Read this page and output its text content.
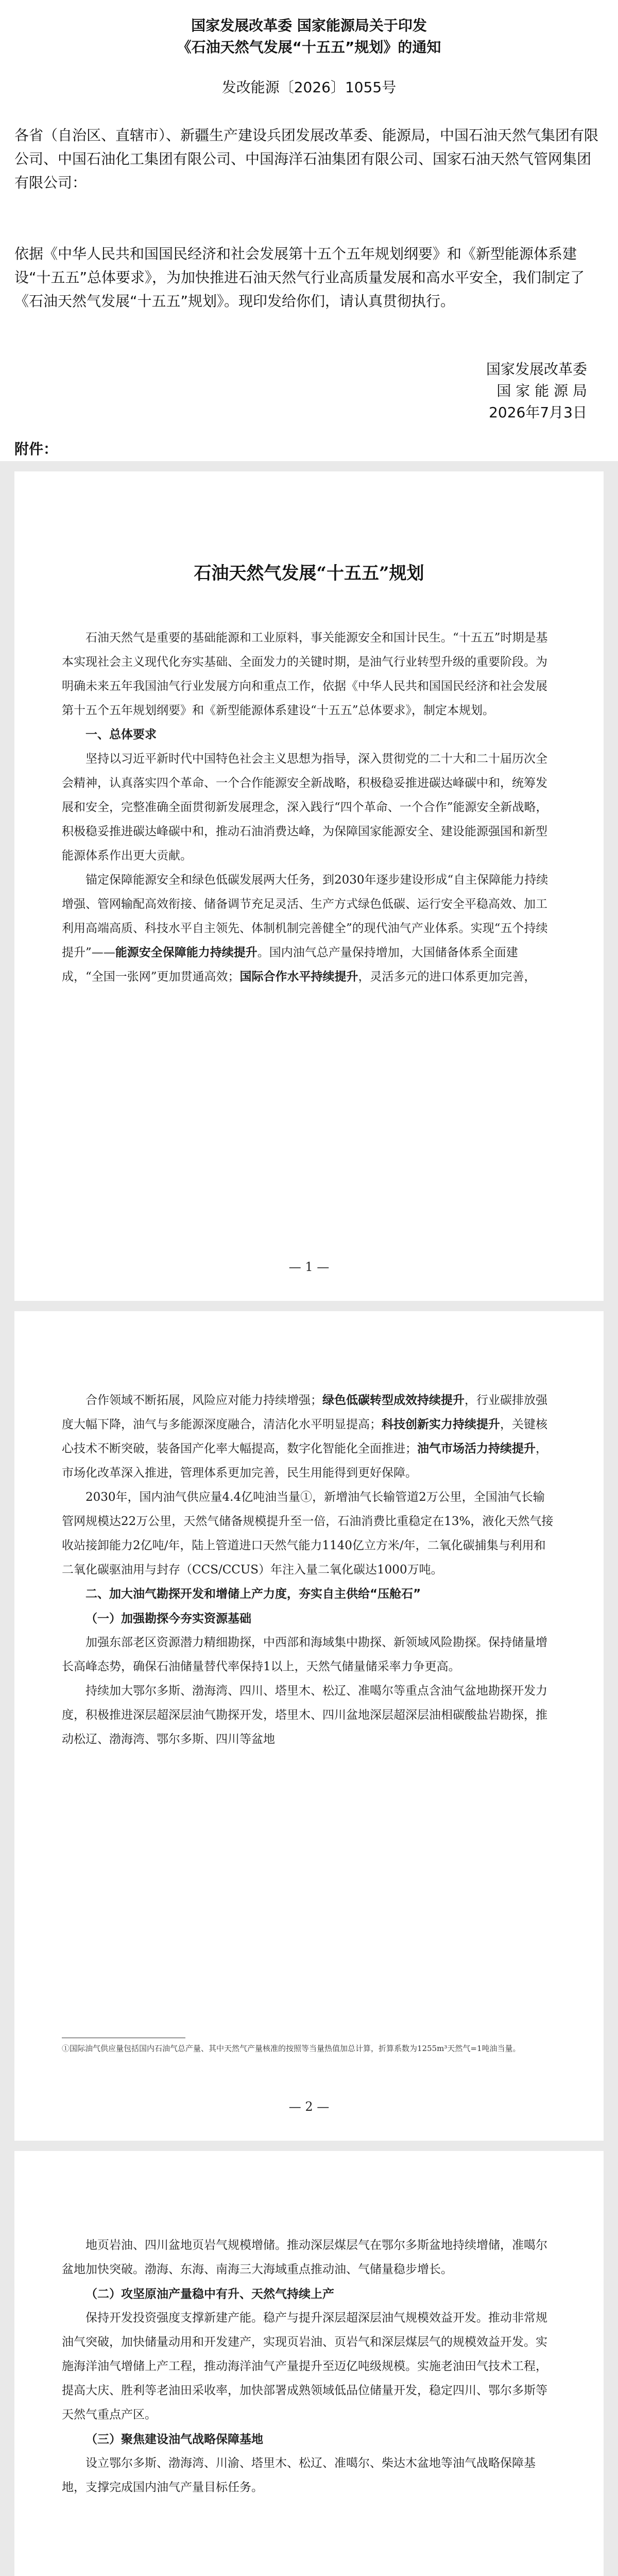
国家发展改革委 国家能源局关于印发
《石油天然气发展“十五五”规划》的通知
发改能源〔2026〕1055号
各省（自治区、直辖市）、新疆生产建设兵团发展改革委、能源局，中国石油天然气集团有限公司、中国石油化工集团有限公司、中国海洋石油集团有限公司、国家石油天然气管网集团有限公司：
依据《中华人民共和国国民经济和社会发展第十五个五年规划纲要》和《新型能源体系建设“十五五”总体要求》，为加快推进石油天然气行业高质量发展和高水平安全，我们制定了《石油天然气发展“十五五”规划》。现印发给你们，请认真贯彻执行。
国家发展改革委
国 家 能 源 局
2026年7月3日
附件：
石油天然气发展“十五五”规划

石油天然气是重要的基础能源和工业原料，事关能源安全和国计民生。“十五五”时期是基本实现社会主义现代化夯实基础、全面发力的关键时期，是油气行业转型升级的重要阶段。为明确未来五年我国油气行业发展方向和重点工作，依据《中华人民共和国国民经济和社会发展第十五个五年规划纲要》和《新型能源体系建设“十五五”总体要求》，制定本规划。

一、总体要求

坚持以习近平新时代中国特色社会主义思想为指导，深入贯彻党的二十大和二十届历次全会精神，认真落实四个革命、一个合作能源安全新战略，积极稳妥推进碳达峰碳中和，统筹发展和安全，完整准确全面贯彻新发展理念，深入践行“四个革命、一个合作”能源安全新战略，积极稳妥推进碳达峰碳中和，推动石油消费达峰，为保障国家能源安全、建设能源强国和新型能源体系作出更大贡献。

锚定保障能源安全和绿色低碳发展两大任务，到2030年逐步建设形成“自主保障能力持续增强、管网输配高效衔接、储备调节充足灵活、生产方式绿色低碳、运行安全平稳高效、加工利用高端高质、科技水平自主领先、体制机制完善健全”的现代油气产业体系。实现“五个持续提升”——能源安全保障能力持续提升。国内油气总产量保持增加，大国储备体系全面建成，“全国一张网”更加贯通高效；国际合作水平持续提升，灵活多元的进口体系更加完善，

— 1 —

合作领域不断拓展，风险应对能力持续增强；绿色低碳转型成效持续提升，行业碳排放强度大幅下降，油气与多能源深度融合，清洁化水平明显提高；科技创新实力持续提升，关键核心技术不断突破，装备国产化率大幅提高，数字化智能化全面推进；油气市场活力持续提升，市场化改革深入推进，管理体系更加完善，民生用能得到更好保障。

2030年，国内油气供应量4.4亿吨油当量①，新增油气长输管道2万公里，全国油气长输管网规模达22万公里，天然气储备规模提升至一倍，石油消费比重稳定在13%，液化天然气接收站接卸能力2亿吨/年，陆上管道进口天然气能力1140亿立方米/年，二氧化碳捕集与利用和二氧化碳驱油用与封存（CCS/CCUS）年注入量二氧化碳达1000万吨。

二、加大油气勘探开发和增储上产力度，夯实自主供给“压舱石”

（一）加强勘探今夯实资源基础

加强东部老区资源潜力精细勘探，中西部和海域集中勘探、新领域风险勘探。保持储量增长高峰态势，确保石油储量替代率保持1以上，天然气储量储采率力争更高。

持续加大鄂尔多斯、渤海湾、四川、塔里木、松辽、准噶尔等重点含油气盆地勘探开发力度，积极推进深层超深层油气勘探开发，塔里木、四川盆地深层超深层油相碳酸盐岩勘探，推动松辽、渤海湾、鄂尔多斯、四川等盆地

①国际油气供应量包括国内石油气总产量、其中天然气产量核准的按照等当量热值加总计算，折算系数为1255m³天然气=1吨油当量。
— 2 —

地页岩油、四川盆地页岩气规模增储。推动深层煤层气在鄂尔多斯盆地持续增储，准噶尔盆地加快突破。渤海、东海、南海三大海域重点推动油、气储量稳步增长。

（二）攻坚原油产量稳中有升、天然气持续上产

保持开发投资强度支撑新建产能。稳产与提升深层超深层油气规模效益开发。推动非常规油气突破，加快储量动用和开发建产，实现页岩油、页岩气和深层煤层气的规模效益开发。实施海洋油气增储上产工程，推动海洋油气产量提升至迈亿吨级规模。实施老油田气技术工程，提高大庆、胜利等老油田采收率，加快部署成熟领域低品位储量开发，稳定四川、鄂尔多斯等天然气重点产区。

（三）聚焦建设油气战略保障基地

设立鄂尔多斯、渤海湾、川渝、塔里木、松辽、准噶尔、柴达木盆地等油气战略保障基地，支撑完成国内油气产量目标任务。
